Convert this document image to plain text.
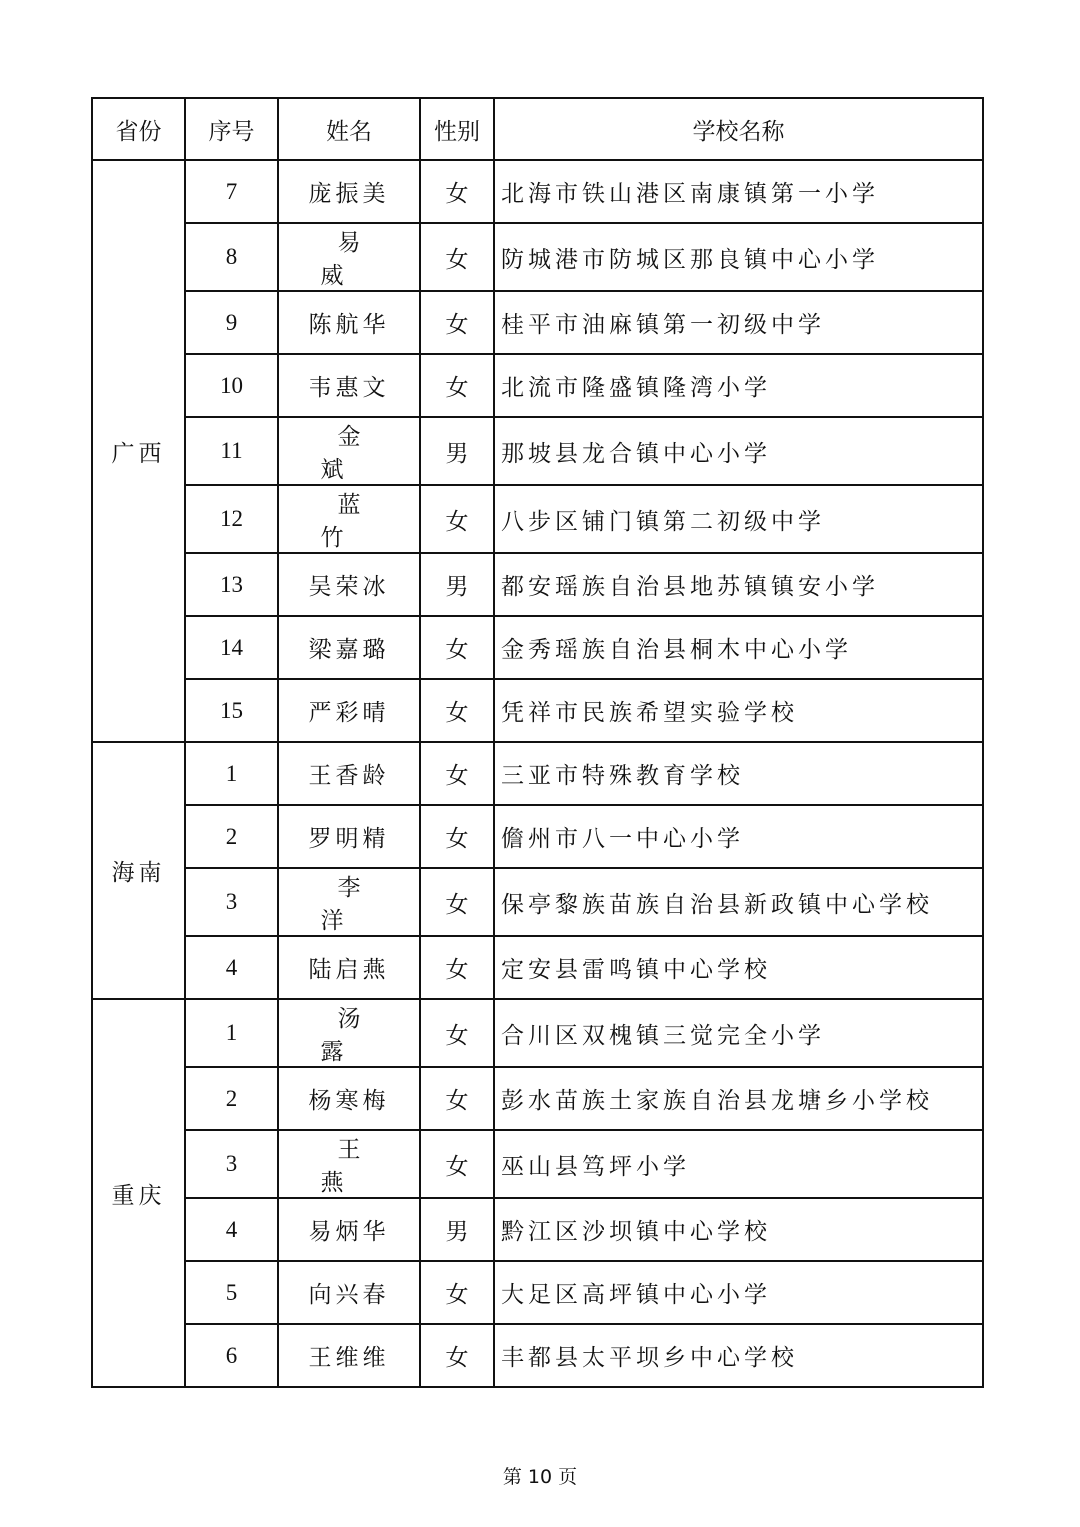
省份	序号	姓名	性别	学校名称
广西	7	庞振美	女	北海市铁山港区南康镇第一小学
	8	易威	女	防城港市防城区那良镇中心小学
	9	陈航华	女	桂平市油麻镇第一初级中学
	10	韦惠文	女	北流市隆盛镇隆湾小学
	11	金斌	男	那坡县龙合镇中心小学
	12	蓝竹	女	八步区铺门镇第二初级中学
	13	吴荣冰	男	都安瑶族自治县地苏镇镇安小学
	14	梁嘉璐	女	金秀瑶族自治县桐木中心小学
	15	严彩晴	女	凭祥市民族希望实验学校
海南	1	王香龄	女	三亚市特殊教育学校
	2	罗明精	女	儋州市八一中心小学
	3	李洋	女	保亭黎族苗族自治县新政镇中心学校
	4	陆启燕	女	定安县雷鸣镇中心学校
重庆	1	汤露	女	合川区双槐镇三觉完全小学
	2	杨寒梅	女	彭水苗族土家族自治县龙塘乡小学校
	3	王燕	女	巫山县笃坪小学
	4	易炳华	男	黔江区沙坝镇中心学校
	5	向兴春	女	大足区高坪镇中心小学
	6	王维维	女	丰都县太平坝乡中心学校
第 10 页
